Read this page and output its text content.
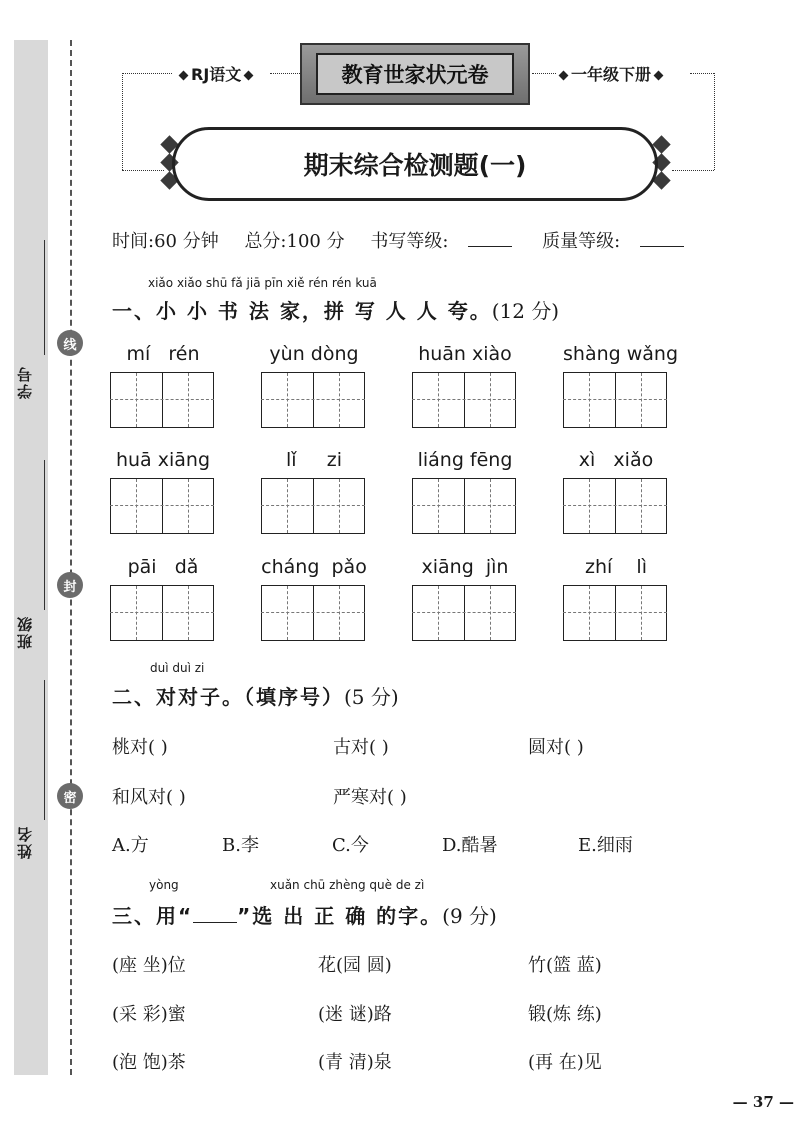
学号
班级
姓名
线
封
密
RJ语文	教育世家状元卷	一年级下册
期末综合检测题(一)
时间:60 分钟 总分:100 分 书写等级:	质量等级:
xiǎo xiǎo shū fǎ jiā pīn xiě rén rén kuā
一、小 小 书 法 家，拼 写 人 人 夸。(12 分)
mí   rén	yùn dòng	huān xiào	shàng wǎng
huā xiāng	lǐ     zi	liáng fēng	xì   xiǎo
pāi   dǎ	cháng  pǎo	xiāng  jìn	zhí    lì
duì duì zi
二、对对子。（填序号）(5 分)
桃对( )	古对( )	圆对( )
和风对( )	严寒对( )
A.方	B.李	C.今	D.酷暑	E.细雨
yòng	xuǎn chū zhèng què de zì
三、用“ ”选 出 正 确 的字。(9 分)
(座 坐)位	花(园 圆)	竹(篮 蓝)
(采 彩)蜜	(迷 谜)路	锻(炼 练)
(泡 饱)茶	(青 清)泉	(再 在)见
— 37 —
